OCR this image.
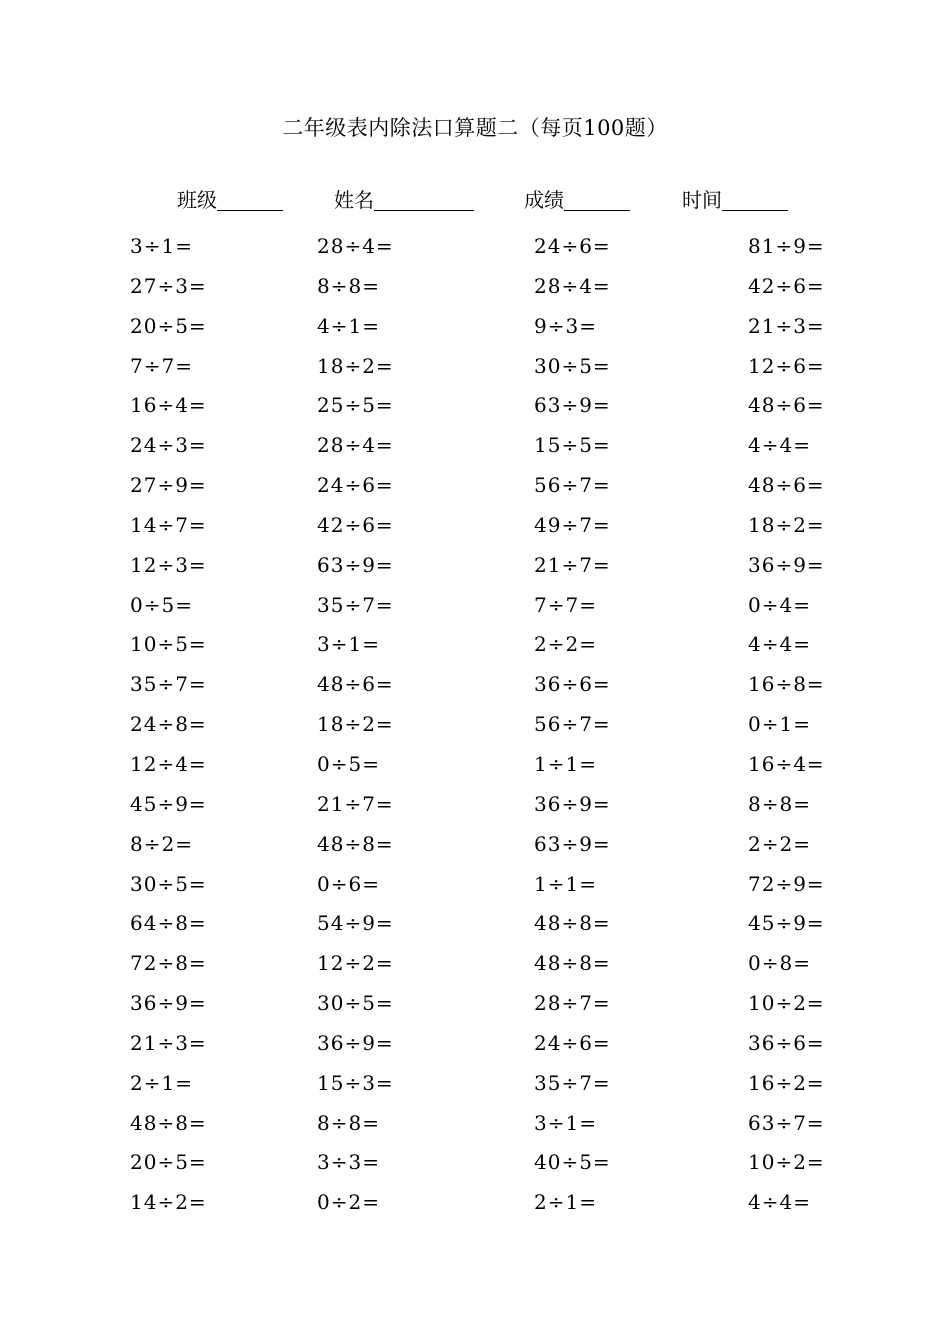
二年级表内除法口算题二（每页100题）
班级	姓名	成绩	时间
3÷1=	28÷4=	24÷6=	81÷9=
27÷3=	8÷8=	28÷4=	42÷6=
20÷5=	4÷1=	9÷3=	21÷3=
7÷7=	18÷2=	30÷5=	12÷6=
16÷4=	25÷5=	63÷9=	48÷6=
24÷3=	28÷4=	15÷5=	4÷4=
27÷9=	24÷6=	56÷7=	48÷6=
14÷7=	42÷6=	49÷7=	18÷2=
12÷3=	63÷9=	21÷7=	36÷9=
0÷5=	35÷7=	7÷7=	0÷4=
10÷5=	3÷1=	2÷2=	4÷4=
35÷7=	48÷6=	36÷6=	16÷8=
24÷8=	18÷2=	56÷7=	0÷1=
12÷4=	0÷5=	1÷1=	16÷4=
45÷9=	21÷7=	36÷9=	8÷8=
8÷2=	48÷8=	63÷9=	2÷2=
30÷5=	0÷6=	1÷1=	72÷9=
64÷8=	54÷9=	48÷8=	45÷9=
72÷8=	12÷2=	48÷8=	0÷8=
36÷9=	30÷5=	28÷7=	10÷2=
21÷3=	36÷9=	24÷6=	36÷6=
2÷1=	15÷3=	35÷7=	16÷2=
48÷8=	8÷8=	3÷1=	63÷7=
20÷5=	3÷3=	40÷5=	10÷2=
14÷2=	0÷2=	2÷1=	4÷4=
